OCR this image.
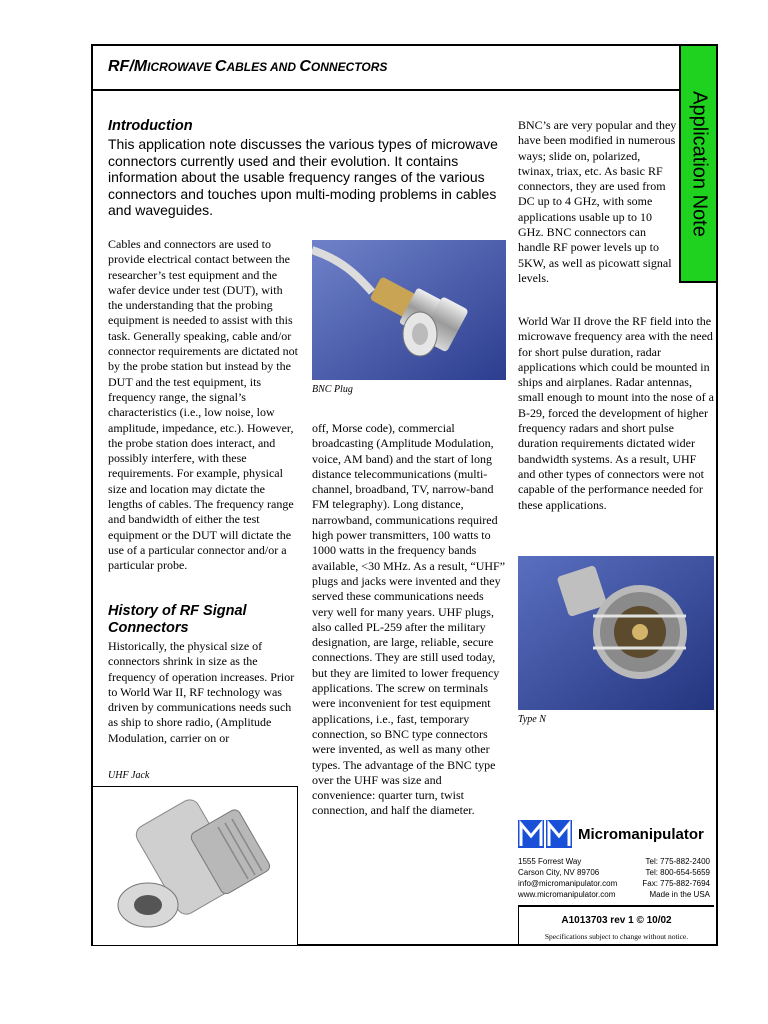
RF/MICROWAVE CABLES AND CONNECTORS
Application Note
Introduction
This application note discusses the various types of microwave connectors currently used and their evolution. It contains information about the usable frequency ranges of the various connectors and touches upon multi-moding problems in cables and waveguides.
Cables and connectors are used to provide electrical contact between the researcher’s test equipment and the wafer device under test (DUT), with the understanding that the probing equipment is needed to assist with this task. Generally speaking, cable and/or connector requirements are dictated not by the probe station but instead by the DUT and the test equipment, its frequency range, the signal’s characteristics (i.e., low noise, low amplitude, impedance, etc.). However, the probe station does interact, and possibly interfere, with these requirements. For example, physical size and location may dictate the lengths of cables. The frequency range and bandwidth of either the test equipment or the DUT will dictate the use of a particular connector and/or a particular probe.
History of RF Signal Connectors
Historically, the physical size of connectors shrink in size as the frequency of operation increases. Prior to World War II, RF technology was driven by communications needs such as ship to shore radio, (Amplitude Modulation, carrier on or
off, Morse code), commercial broadcasting (Amplitude Modulation, voice, AM band) and the start of long distance telecommunications (multi-channel, broadband, TV, narrow-band FM telegraphy). Long distance, narrowband, communications required high power transmitters, 100 watts to 1000 watts in the frequency bands available, <30 MHz. As a result, “UHF” plugs and jacks were invented and they served these communications needs very well for many years. UHF plugs, also called PL-259 after the military designation, are large, reliable, secure connections. They are still used today, but they are limited to lower frequency applications. The screw on terminals were inconvenient for test equipment applications, i.e., fast, temporary connection, so BNC type connectors were invented, as well as many other types. The advantage of the BNC type over the UHF was size and convenience: quarter turn, twist connection, and half the diameter.
BNC’s are very popular and they have been modified in numerous ways; slide on, polarized, twinax, triax, etc. As basic RF connectors, they are used from DC up to 4 GHz, with some applications usable up to 10 GHz. BNC connectors can handle RF power levels up to 5KW, as well as picowatt signal levels.
World War II drove the RF field into the microwave frequency area with the need for short pulse duration, radar applications which could be mounted in ships and airplanes. Radar antennas, small enough to mount into the nose of a B-29, forced the development of higher frequency radars and short pulse duration requirements dictated wider bandwidth systems. As a result, UHF and other types of connectors were not capable of the performance needed for these applications.
BNC Plug
Type N
UHF Jack
Micromanipulator
1555 Forrest Way
Carson City, NV 89706
info@micromanipulator.com
www.micromanipulator.com
Tel: 775-882-2400
Tel: 800-654-5659
Fax: 775-882-7694
Made in the USA
A1013703 rev 1 © 10/02
Specifications subject to change without notice.
